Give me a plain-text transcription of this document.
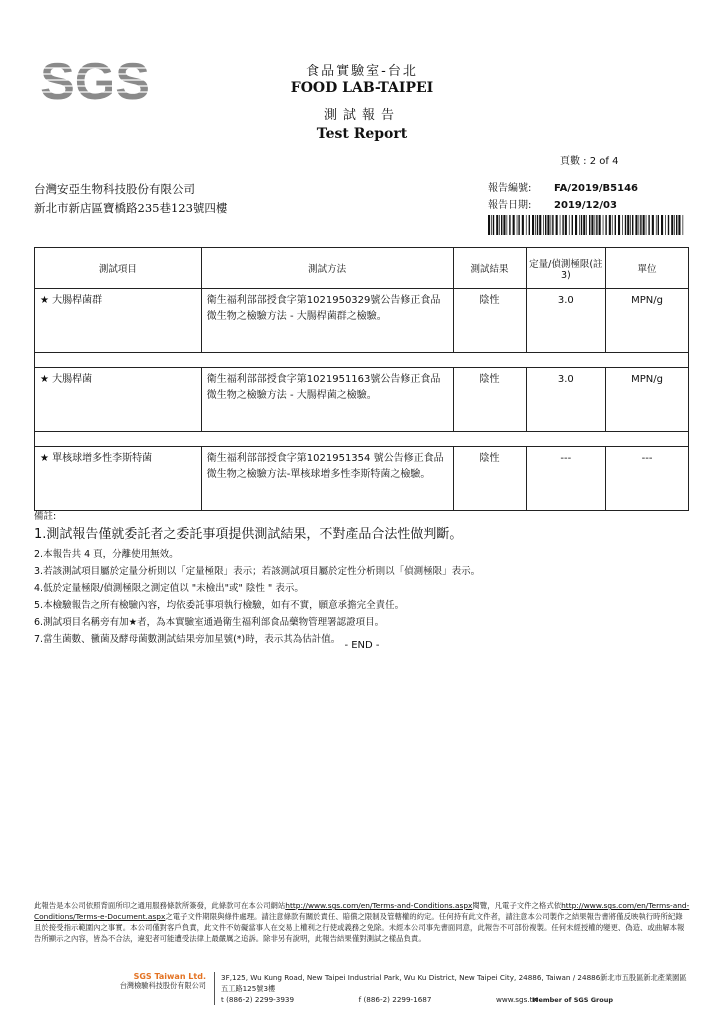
SGS	食品實驗室-台北
FOOD LAB-TAIPEI
測試報告
Test Report
頁數 : 2 of 4
台灣安亞生物科技股份有限公司
新北市新店區寶橋路235巷123號四樓
報告編號: FA/2019/B5146
報告日期: 2019/12/03
測試項目	測試方法	測試結果	定量/偵測極限(註3)	單位
★ 大腸桿菌群	衛生福利部部授食字第1021950329號公告修正食品微生物之檢驗方法 - 大腸桿菌群之檢驗。	陰性	3.0	MPN/g

★ 大腸桿菌	衛生福利部部授食字第1021951163號公告修正食品微生物之檢驗方法 - 大腸桿菌之檢驗。	陰性	3.0	MPN/g

★ 單核球增多性李斯特菌	衛生福利部部授食字第1021951354 號公告修正食品微生物之檢驗方法-單核球增多性李斯特菌之檢驗。	陰性	---	---
備註:
1.測試報告僅就委託者之委託事項提供測試結果，不對產品合法性做判斷。
2.本報告共 4 頁，分離使用無效。
3.若該測試項目屬於定量分析則以「定量極限」表示；若該測試項目屬於定性分析則以「偵測極限」表示。
4.低於定量極限/偵測極限之測定值以 "未檢出"或" 陰性 " 表示。
5.本檢驗報告之所有檢驗內容，均依委託事項執行檢驗，如有不實，願意承擔完全責任。
6.測試項目名稱旁有加★者，為本實驗室通過衛生福利部食品藥物管理署認證項目。
7.當生菌數、黴菌及酵母菌數測試結果旁加星號(*)時，表示其為估計值。
- END -
此報告是本公司依照背面所印之通用服務條款所簽發，此條款可在本公司網站http://www.sgs.com/en/Terms-and-Conditions.aspx閱覽，凡電子文件之格式依http://www.sgs.com/en/Terms-and-Conditions/Terms-e-Document.aspx之電子文件期限與條件處理。請注意條款有關於責任、賠償之限制及管轄權的約定。任何持有此文件者，請注意本公司製作之結果報告書將僅反映執行時所紀錄且於接受指示範圍內之事實。本公司僅對客戶負責，此文件不妨礙當事人在交易上權利之行使或義務之免除。未經本公司事先書面同意，此報告不可部份複製。任何未經授權的變更、偽造、或曲解本報告所顯示之內容，皆為不合法，違犯者可能遭受法律上最嚴厲之追訴。除非另有說明，此報告結果僅對測試之樣品負責。
SGS Taiwan Ltd.
台灣檢驗科技股份有限公司
3F,125, Wu Kung Road, New Taipei Industrial Park, Wu Ku District, New Taipei City, 24886, Taiwan / 24886新北市五股區新北產業園區五工路125號3樓
t (886-2) 2299-3939	f (886-2) 2299-1687	www.sgs.tw
Member of SGS Group
